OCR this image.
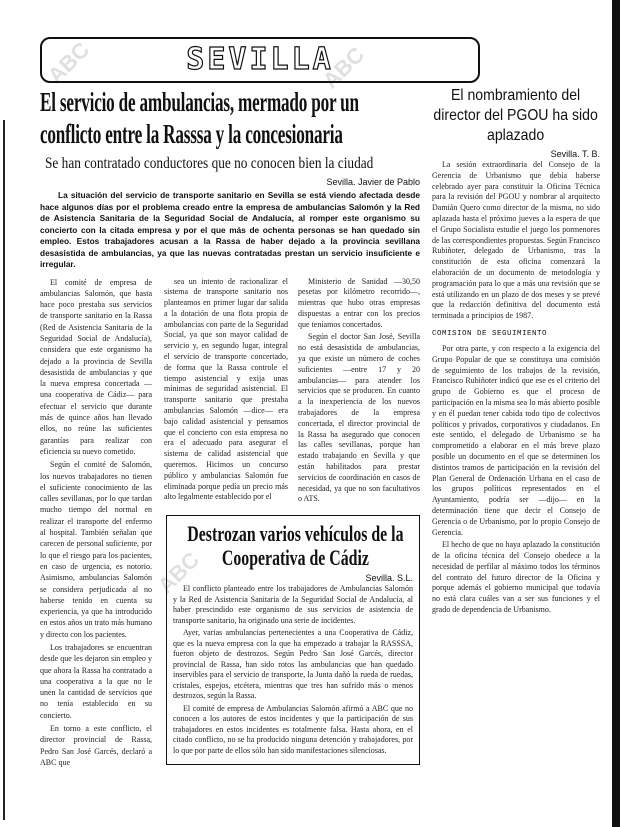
ABC	ABC
ABC
SEVILLA
El servicio de ambulancias, mermado por un conflicto entre la Rasssa y la concesionaria
Se han contratado conductores que no conocen bien la ciudad
Sevilla. Javier de Pablo
La situación del servicio de transporte sanitario en Sevilla se está viendo afectada desde hace algunos días por el problema creado entre la empresa de ambulancias Salomón y la Red de Asistencia Sanitaria de la Seguridad Social de Andalucía, al romper este organismo su concierto con la citada empresa y por el que más de ochenta personas se han quedado sin empleo. Estos trabajadores acusan a la Rassa de haber dejado a la provincia sevillana desasistida de ambulancias, ya que las nuevas contratadas prestan un servicio insuficiente e irregular.

El comité de empresa de ambulancias Salomón, que hasta hace poco prestaba sus servicios de transporte sanitario en la Rassa (Red de Asistencia Sanitaria de la Seguridad Social de Andalucía), considera que este organismo ha dejado a la provincia de Sevilla desasistida de ambulancias y que la nueva empresa concertada —una cooperativa de Cádiz— para efectuar el servicio que durante más de quince años han llevado ellos, no reúne las suficientes garantías para realizar con eficiencia su nuevo cometido.

Según el comité de Salomón, los nuevos trabajadores no tienen el suficiente conocimiento de las calles sevillanas, por lo que tardan mucho tiempo del normal en realizar el transporte del enfermo al hospital. También señalan que carecen de personal suficiente, por lo que el riesgo para los pacientes, en caso de urgencia, es notorio. Asimismo, ambulancias Salomón se considera perjudicada al no haberse tenido en cuenta su experiencia, ya que ha introducido en estos años un trato más humano y directo con los pacientes.

Los trabajadores se encuentran desde que les dejaron sin empleo y que ahora la Rassa ha contratado a una cooperativa a la que no le unen la cantidad de servicios que no tenía establecido en su concierto.

En torno a este conflicto, el director provincial de Rassa, Pedro San José Garcés, declaró a ABC que

sea un intento de racionalizar el sistema de transporte sanitario nos planteamos en primer lugar dar salida a la dotación de una flota propia de ambulancias con parte de la Seguridad Social, ya que son mayor calidad de servicio y, en segundo lugar, integral el servicio de transporte concertado, de forma que la Rassa controle el tiempo asistencial y exija unas mínimas de seguridad asistencial. El transporte sanitario que prestaba ambulancias Salomón —dice— era bajo calidad asistencial y pensamos que el concierto con esta empresa no era el adecuado para asegurar el sistema de calidad asistencial que queremos. Hicimos un concurso público y ambulancias Salomón fue eliminada porque pedía un precio más alto legalmente establecido por el

Ministerio de Sanidad —30,50 pesetas por kilómetro recorrido—, mientras que hubo otras empresas dispuestas a entrar con los precios que teníamos concertados.

Según el doctor San José, Sevilla no está desasistida de ambulancias, ya que existe un número de coches suficientes —entre 17 y 20 ambulancias— para atender los servicios que se producen. En cuanto a la inexperiencia de los nuevos trabajadores de la empresa concertada, el director provincial de la Rassa ha asegurado que conocen las calles sevillanas, porque han estado trabajando en Sevilla y que están habilitados para prestar servicios de coordinación en casos de necesidad, ya que no son facultativos o ATS.

Destrozan varios vehículos de la Cooperativa de Cádiz
Sevilla. S.L.

El conflicto planteado entre los trabajadores de Ambulancias Salomón y la Red de Asistencia Sanitaria de la Seguridad Social de Andalucía, al haber prescindido este organismo de sus servicios de asistencia de transporte sanitario, ha originado una serie de incidentes.

Ayer, varias ambulancias pertenecientes a una Cooperativa de Cádiz, que es la nueva empresa con la que ha empezado a trabajar la RASSSA, fueron objeto de destrozos. Según Pedro San José Garcés, director provincial de Rassa, han sido rotos las ambulancias que han quedado inservibles para el servicio de transporte, la Junta dañó la rueda de ruedas, cristales, espejos, etcétera, mientras que tres han sufrido más o menos destrozos, según la Rassa.

El comité de empresa de Ambulancias Salomón afirmó a ABC que no conocen a los autores de estos incidentes y que la participación de sus trabajadores en estos incidentes es totalmente falsa. Hasta ahora, en el citado conflicto, no se ha producido ninguna detención y trabajadores, por lo que por parte de ellos sólo han sido manifestaciones silenciosas.

El nombramiento del director del PGOU ha sido aplazado
Sevilla. T. B.

La sesión extraordinaria del Consejo de la Gerencia de Urbanismo que debía haberse celebrado ayer para constituir la Oficina Técnica para la revisión del PGOU y nombrar al arquitecto Damián Quero como director de la misma, no sido aplazada hasta el próximo jueves a la espera de que el Grupo Socialista estudie el juego los pormenores de las correspondientes propuestas. Según Francisco Rubiñoter, delegado de Urbanismo, tras la constitución de esta oficina comenzará la elaboración de un documento de metodología y programación para lo que a más una revisión que se está utilizando en un plazo de dos meses y se prevé que la redacción definitiva del documento está terminada a principios de 1987.

COMISION DE SEGUIMIENTO

Por otra parte, y con respecto a la exigencia del Grupo Popular de que se constituya una comisión de seguimiento de los trabajos de la revisión, Francisco Rubiñoter indicó que ese es el criterio del grupo de Gobierno es que el proceso de participación en la misma sea lo más abierto posible y en él puedan tener cabida todo tipo de colectivos políticos y privados, corporativos y ciudadanos. En este sentido, el delegado de Urbanismo se ha comprometido a elaborar en el más breve plazo posible un documento en el que se determinen los distintos tramos de participación en la revisión del Plan General de Ordenación Urbana en el caso de los grupos políticos representados en el Ayuntamiento, podría ser —dijo— en la determinación tiene que decir el Consejo de Gerencia o de Urbanismo, por lo propio Consejo de Gerencia.

El hecho de que no haya aplazado la constitución de la oficina técnica del Consejo obedece a la necesidad de perfilar al máximo todos los términos del contrato del futuro director de la Oficina y porque además el gobierno municipal que todavía no está clara cuáles van a ser sus funciones y el grado de dependencia de Urbanismo.
